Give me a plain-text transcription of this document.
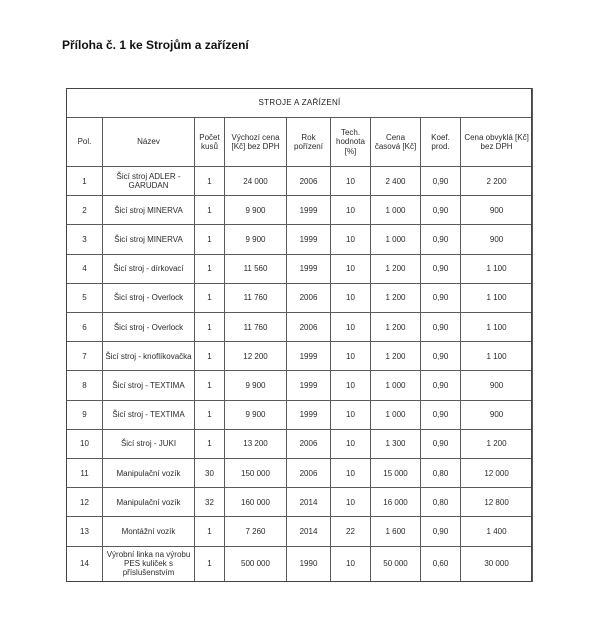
Příloha č. 1 ke Strojům a zařízení
STROJE A ZAŘÍZENÍ								
Pol.	Název	Počet kusů	Výchozí cena [Kč] bez DPH	Rok pořízení	Tech. hodnota [%]	Cena časová [Kč]	Koef. prod.	Cena obvyklá [Kč] bez DPH
1	Šicí stroj ADLER - GARUDAN	1	24 000	2006	10	2 400	0,90	2 200
2	Šicí stroj MINERVA	1	9 900	1999	10	1 000	0,90	900
3	Šicí stroj MINERVA	1	9 900	1999	10	1 000	0,90	900
4	Šicí stroj - dírkovací	1	11 560	1999	10	1 200	0,90	1 100
5	Šicí stroj - Overlock	1	11 760	2006	10	1 200	0,90	1 100
6	Šicí stroj - Overlock	1	11 760	2006	10	1 200	0,90	1 100
7	Šicí stroj - knoflíkovačka	1	12 200	1999	10	1 200	0,90	1 100
8	Šicí stroj - TEXTIMA	1	9 900	1999	10	1 000	0,90	900
9	Šicí stroj - TEXTIMA	1	9 900	1999	10	1 000	0,90	900
10	Šicí stroj - JUKI	1	13 200	2006	10	1 300	0,90	1 200
11	Manipulační vozík	30	150 000	2006	10	15 000	0,80	12 000
12	Manipulační vozík	32	160 000	2014	10	16 000	0,80	12 800
13	Montážní vozík	1	7 260	2014	22	1 600	0,90	1 400
14	Výrobní linka na výrobu PES kuliček s příslušenstvím	1	500 000	1990	10	50 000	0,60	30 000
